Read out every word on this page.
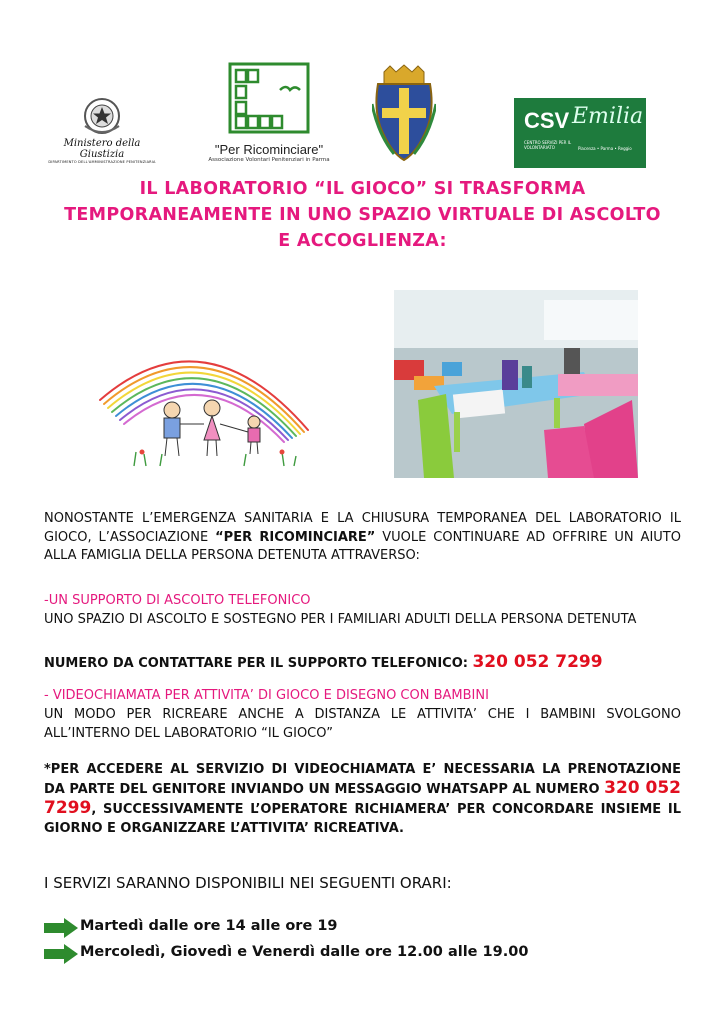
Ministero della Giustizia
DIPARTIMENTO DELL'AMMINISTRAZIONE PENITENZIARIA
"Per Ricominciare"
Associazione Volontari Penitenziari in Parma
CSV Emilia
CENTRO SERVIZI PER IL VOLONTARIATO	Piacenza • Parma • Reggio
IL LABORATORIO “IL GIOCO” SI TRASFORMA
TEMPORANEAMENTE IN UNO SPAZIO VIRTUALE DI ASCOLTO
E ACCOGLIENZA:
NONOSTANTE L’EMERGENZA SANITARIA E LA CHIUSURA TEMPORANEA DEL LABORATORIO IL GIOCO, L’ASSOCIAZIONE “PER RICOMINCIARE” VUOLE CONTINUARE AD OFFRIRE UN AIUTO ALLA FAMIGLIA DELLA PERSONA DETENUTA ATTRAVERSO:
-UN SUPPORTO DI ASCOLTO TELEFONICO
UNO SPAZIO DI ASCOLTO E SOSTEGNO PER I FAMILIARI ADULTI DELLA PERSONA DETENUTA
NUMERO DA CONTATTARE PER IL SUPPORTO TELEFONICO: 320 052 7299
- VIDEOCHIAMATA PER ATTIVITA’ DI GIOCO E DISEGNO CON BAMBINI
UN MODO PER RICREARE ANCHE A DISTANZA LE ATTIVITA’ CHE I BAMBINI SVOLGONO ALL’INTERNO DEL LABORATORIO “IL GIOCO”
*PER ACCEDERE AL SERVIZIO DI VIDEOCHIAMATA E’ NECESSARIA LA PRENOTAZIONE DA PARTE DEL GENITORE INVIANDO UN MESSAGGIO WHATSAPP AL NUMERO 320 052 7299, SUCCESSIVAMENTE L’OPERATORE RICHIAMERA’ PER CONCORDARE INSIEME IL GIORNO E ORGANIZZARE L’ATTIVITA’ RICREATIVA.
I SERVIZI SARANNO DISPONIBILI NEI SEGUENTI ORARI:
Martedì dalle ore 14 alle ore 19
Mercoledì, Giovedì e Venerdì dalle ore 12.00 alle 19.00
